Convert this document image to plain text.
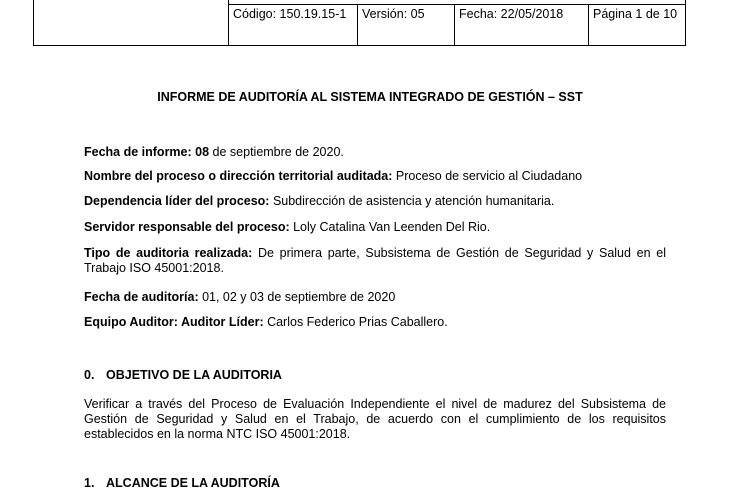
Código: 150.19.15-1	Versión: 05	Fecha: 22/05/2018	Página 1 de 10
INFORME DE AUDITORÍA AL SISTEMA INTEGRADO DE GESTIÓN – SST
Fecha de informe: 08 de septiembre de 2020.
Nombre del proceso o dirección territorial auditada: Proceso de servicio al Ciudadano
Dependencia líder del proceso: Subdirección de asistencia y atención humanitaria.
Servidor responsable del proceso: Loly Catalina Van Leenden Del Rio.
Tipo de auditoria realizada: De primera parte, Subsistema de Gestión de Seguridad y Salud en el Trabajo ISO 45001:2018.
Fecha de auditoría: 01, 02 y 03 de septiembre de 2020
Equipo Auditor: Auditor Líder: Carlos Federico Prias Caballero.
0. OBJETIVO DE LA AUDITORIA
Verificar a través del Proceso de Evaluación Independiente el nivel de madurez del Subsistema de Gestión de Seguridad y Salud en el Trabajo, de acuerdo con el cumplimiento de los requisitos establecidos en la norma NTC ISO 45001:2018.
1. ALCANCE DE LA AUDITORÍA
